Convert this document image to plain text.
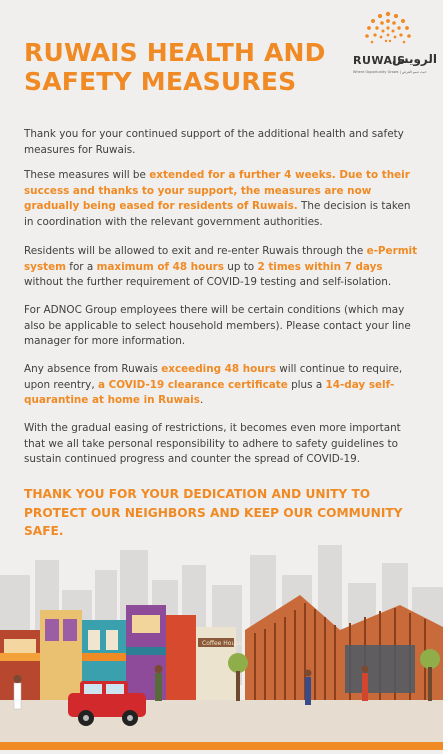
RUWAIS HEALTH AND
SAFETY MEASURES
RUWAIS
الرويس
Where Opportunity Grows | حيث تنمو الفرص

Thank you for your continued support of the additional health and safety measures for Ruwais.

These measures will be extended for a further 4 weeks. Due to their success and thanks to your support, the measures are now gradually being eased for residents of Ruwais. The decision is taken in coordination with the relevant government authorities.

Residents will be allowed to exit and re-enter Ruwais through the e-Permit system for a maximum of 48 hours up to 2 times within 7 days without the further requirement of COVID-19 testing and self-isolation.

For ADNOC Group employees there will be certain conditions (which may also be applicable to select household members). Please contact your line manager for more information.

Any absence from Ruwais exceeding 48 hours will continue to require, upon reentry, a COVID-19 clearance certificate plus a 14-day self-quarantine at home in Ruwais.

With the gradual easing of restrictions, it becomes even more important that we all take personal responsibility to adhere to safety guidelines to sustain continued progress and counter the spread of COVID-19.

THANK YOU FOR YOUR DEDICATION AND UNITY TO PROTECT OUR NEIGHBORS AND KEEP OUR COMMUNITY SAFE.
Coffee House
